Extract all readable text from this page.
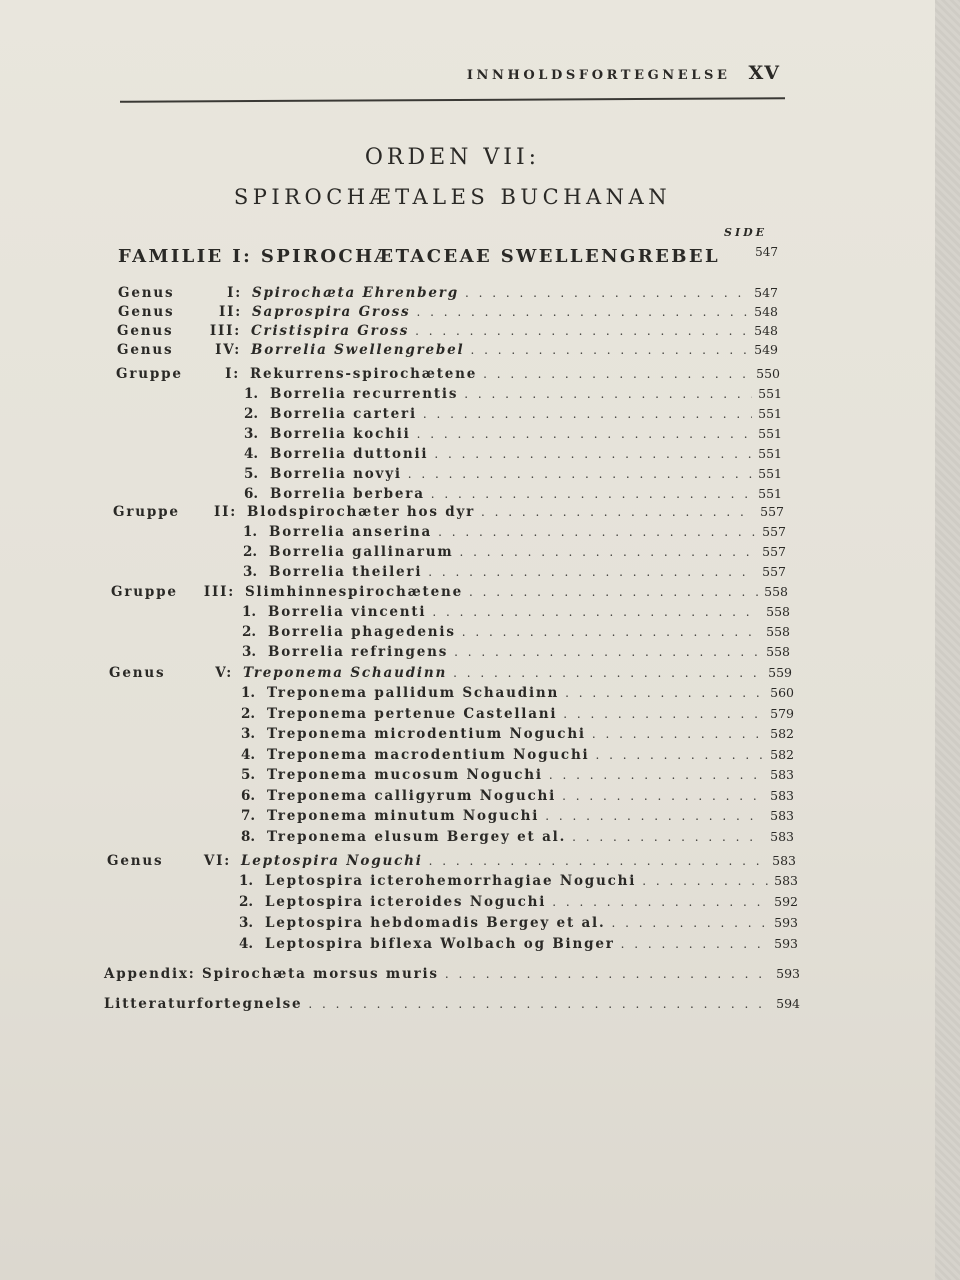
INNHOLDSFORTEGNELSE XV
ORDEN VII:
SPIROCHÆTALES BUCHANAN
SIDE
FAMILIE I: SPIROCHÆTACEAE SWELLENGREBEL	547
Genus	I: Spirochæta Ehrenberg . . .	547
Genus	II: Saprospira Gross . . .	548
Genus	III: Cristispira Gross . . .	548
Genus	IV: Borrelia Swellengrebel . . .	549
Gruppe	I: Rekurrens-spirochætene . . .	550
1. Borrelia recurrentis . . .	551
2. Borrelia carteri . . .	551
3. Borrelia kochii . . .	551
4. Borrelia duttonii . . .	551
5. Borrelia novyi . . .	551
6. Borrelia berbera . . .	551
Gruppe	II: Blodspirochæter hos dyr . . .	557
1. Borrelia anserina . . .	557
2. Borrelia gallinarum . . .	557
3. Borrelia theileri . . .	557
Gruppe	III: Slimhinnespirochætene . . .	558
1. Borrelia vincenti . . .	558
2. Borrelia phagedenis . . .	558
3. Borrelia refringens . . .	558
Genus	V: Treponema Schaudinn . . .	559
1. Treponema pallidum Schaudinn . . .	560
2. Treponema pertenue Castellani . . .	579
3. Treponema microdentium Noguchi . . .	582
4. Treponema macrodentium Noguchi . . .	582
5. Treponema mucosum Noguchi . . .	583
6. Treponema calligyrum Noguchi . . .	583
7. Treponema minutum Noguchi . . .	583
8. Treponema elusum Bergey et al. . . .	583
Genus	VI: Leptospira Noguchi . . .	583
1. Leptospira icterohemorrhagiae Noguchi . . .	583
2. Leptospira icteroides Noguchi . . .	592
3. Leptospira hebdomadis Bergey et al. . . .	593
4. Leptospira biflexa Wolbach og Binger . . .	593
Appendix: Spirochæta morsus muris . . .	593
Litteraturfortegnelse . . .	594
